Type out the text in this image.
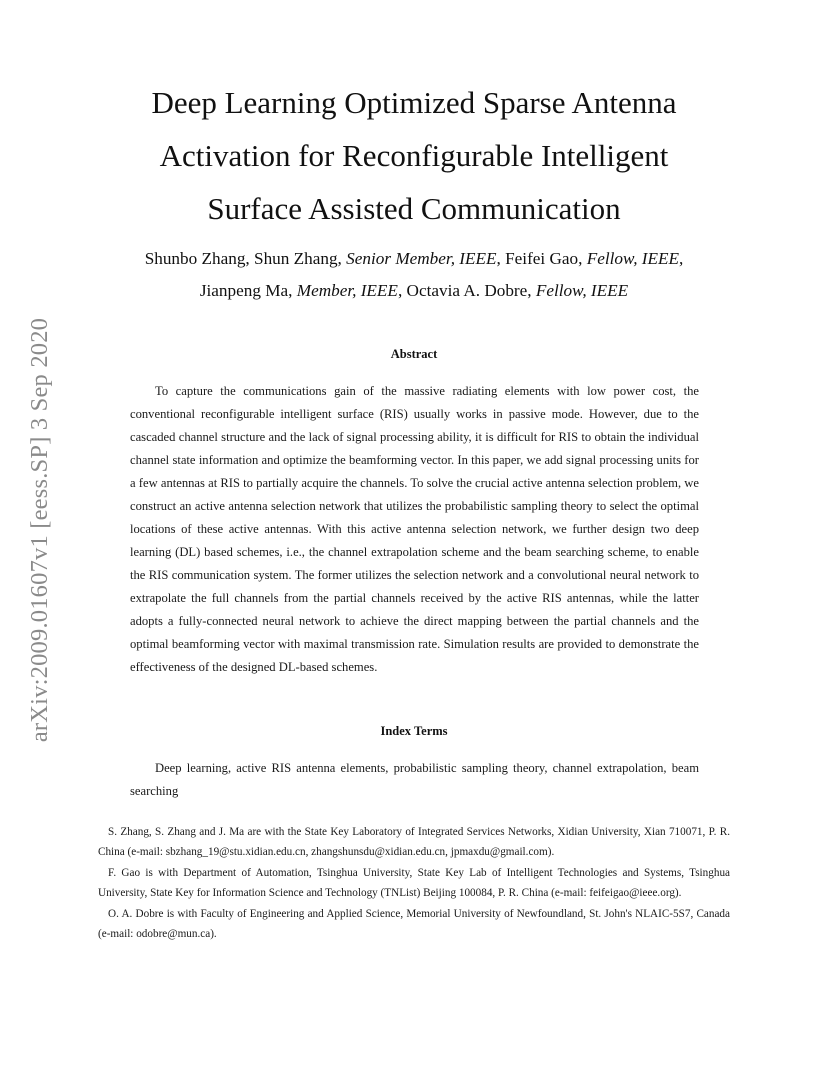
arXiv:2009.01607v1 [eess.SP] 3 Sep 2020
Deep Learning Optimized Sparse Antenna
Activation for Reconfigurable Intelligent
Surface Assisted Communication
Shunbo Zhang, Shun Zhang, Senior Member, IEEE, Feifei Gao, Fellow, IEEE,
Jianpeng Ma, Member, IEEE, Octavia A. Dobre, Fellow, IEEE
Abstract

To capture the communications gain of the massive radiating elements with low power cost, the conventional reconfigurable intelligent surface (RIS) usually works in passive mode. However, due to the cascaded channel structure and the lack of signal processing ability, it is difficult for RIS to obtain the individual channel state information and optimize the beamforming vector. In this paper, we add signal processing units for a few antennas at RIS to partially acquire the channels. To solve the crucial active antenna selection problem, we construct an active antenna selection network that utilizes the probabilistic sampling theory to select the optimal locations of these active antennas. With this active antenna selection network, we further design two deep learning (DL) based schemes, i.e., the channel extrapolation scheme and the beam searching scheme, to enable the RIS communication system. The former utilizes the selection network and a convolutional neural network to extrapolate the full channels from the partial channels received by the active RIS antennas, while the latter adopts a fully-connected neural network to achieve the direct mapping between the partial channels and the optimal beamforming vector with maximal transmission rate. Simulation results are provided to demonstrate the effectiveness of the designed DL-based schemes.

Index Terms

Deep learning, active RIS antenna elements, probabilistic sampling theory, channel extrapolation, beam searching

S. Zhang, S. Zhang and J. Ma are with the State Key Laboratory of Integrated Services Networks, Xidian University, Xian 710071, P. R. China (e-mail: sbzhang_19@stu.xidian.edu.cn, zhangshunsdu@xidian.edu.cn, jpmaxdu@gmail.com).

F. Gao is with Department of Automation, Tsinghua University, State Key Lab of Intelligent Technologies and Systems, Tsinghua University, State Key for Information Science and Technology (TNList) Beijing 100084, P. R. China (e-mail: feifeigao@ieee.org).

O. A. Dobre is with Faculty of Engineering and Applied Science, Memorial University of Newfoundland, St. John's NLAIC-5S7, Canada (e-mail: odobre@mun.ca).
